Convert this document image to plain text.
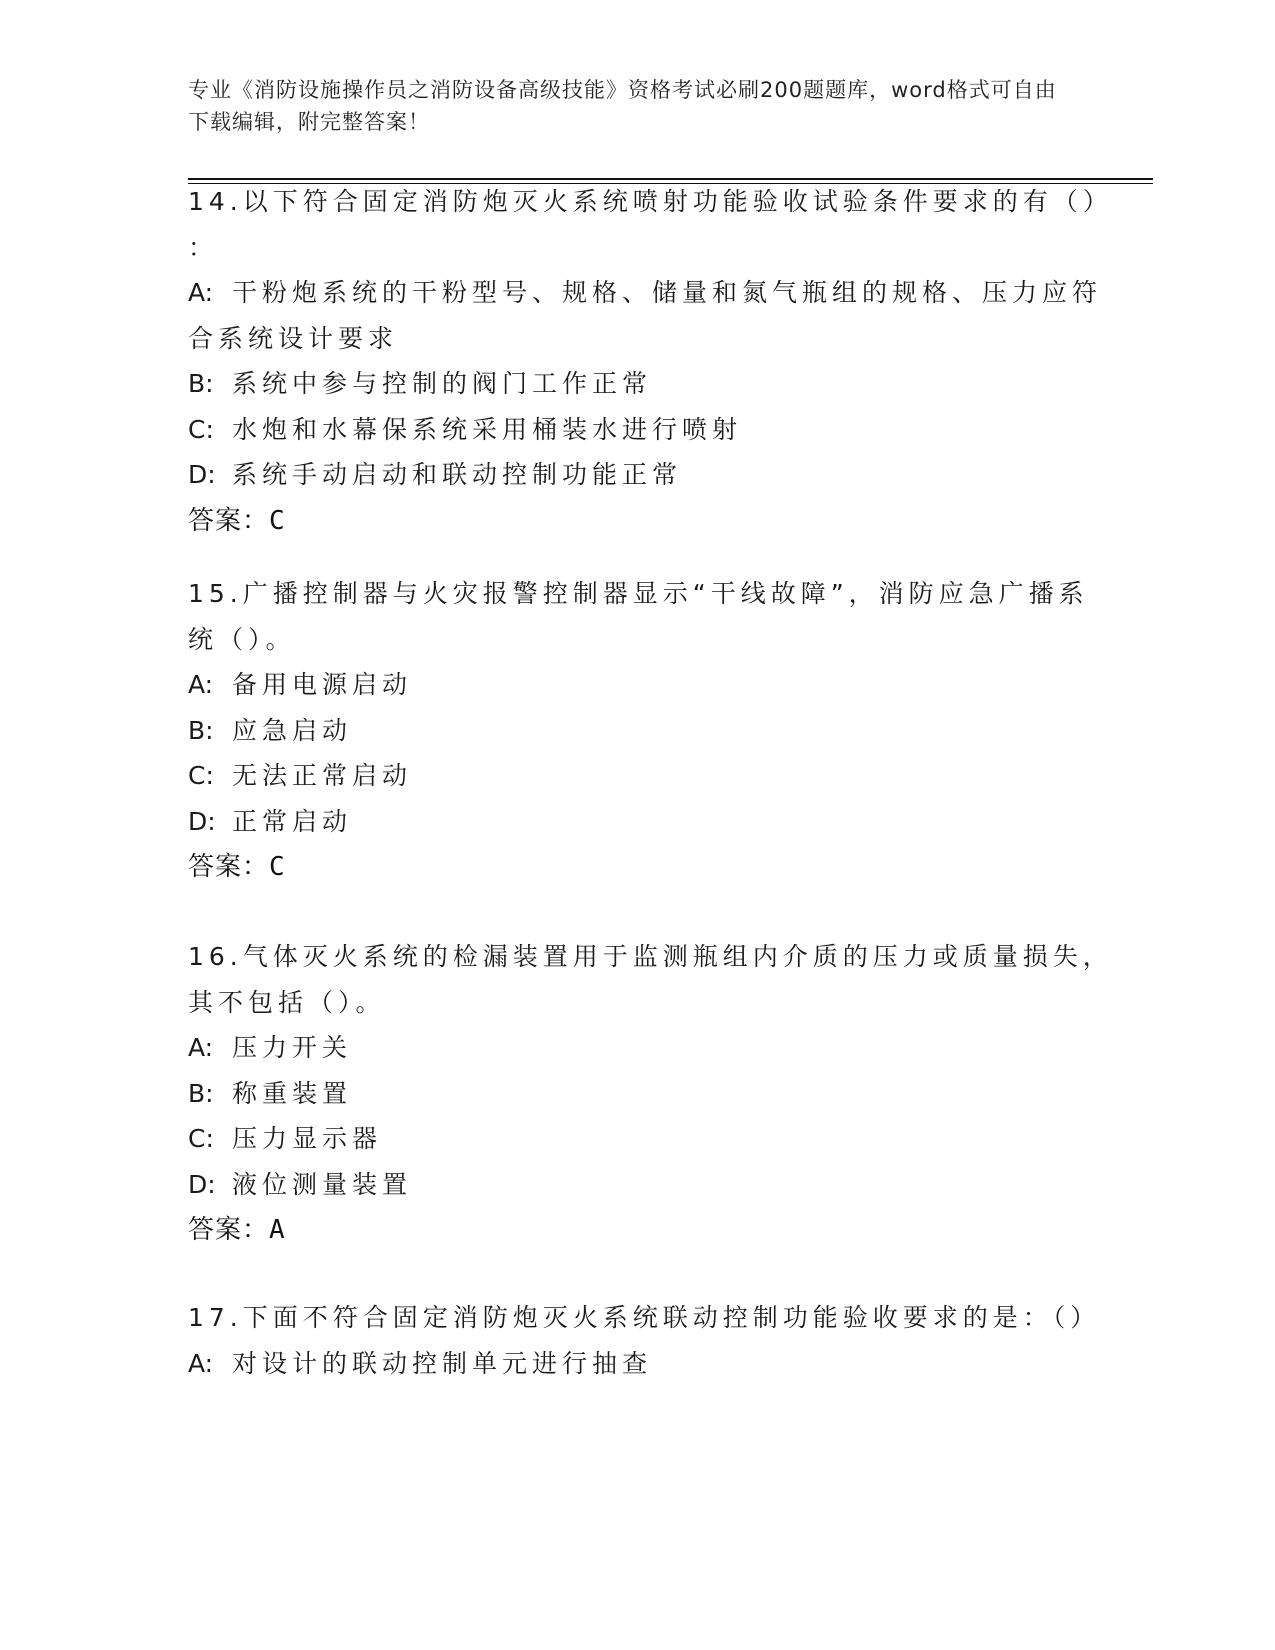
专业《消防设施操作员之消防设备高级技能》资格考试必刷200题题库，word格式可自由下载编辑，附完整答案！
14.以下符合固定消防炮灭火系统喷射功能验收试验条件要求的有（）
：
A: 干粉炮系统的干粉型号、规格、储量和氮气瓶组的规格、压力应符
合系统设计要求
B: 系统中参与控制的阀门工作正常
C: 水炮和水幕保系统采用桶装水进行喷射
D: 系统手动启动和联动控制功能正常
答案：C
15.广播控制器与火灾报警控制器显示“干线故障”，消防应急广播系
统（）。
A: 备用电源启动
B: 应急启动
C: 无法正常启动
D: 正常启动
答案：C
16.气体灭火系统的检漏装置用于监测瓶组内介质的压力或质量损失，
其不包括（）。
A: 压力开关
B: 称重装置
C: 压力显示器
D: 液位测量装置
答案：A
17.下面不符合固定消防炮灭火系统联动控制功能验收要求的是：（）
A: 对设计的联动控制单元进行抽查
